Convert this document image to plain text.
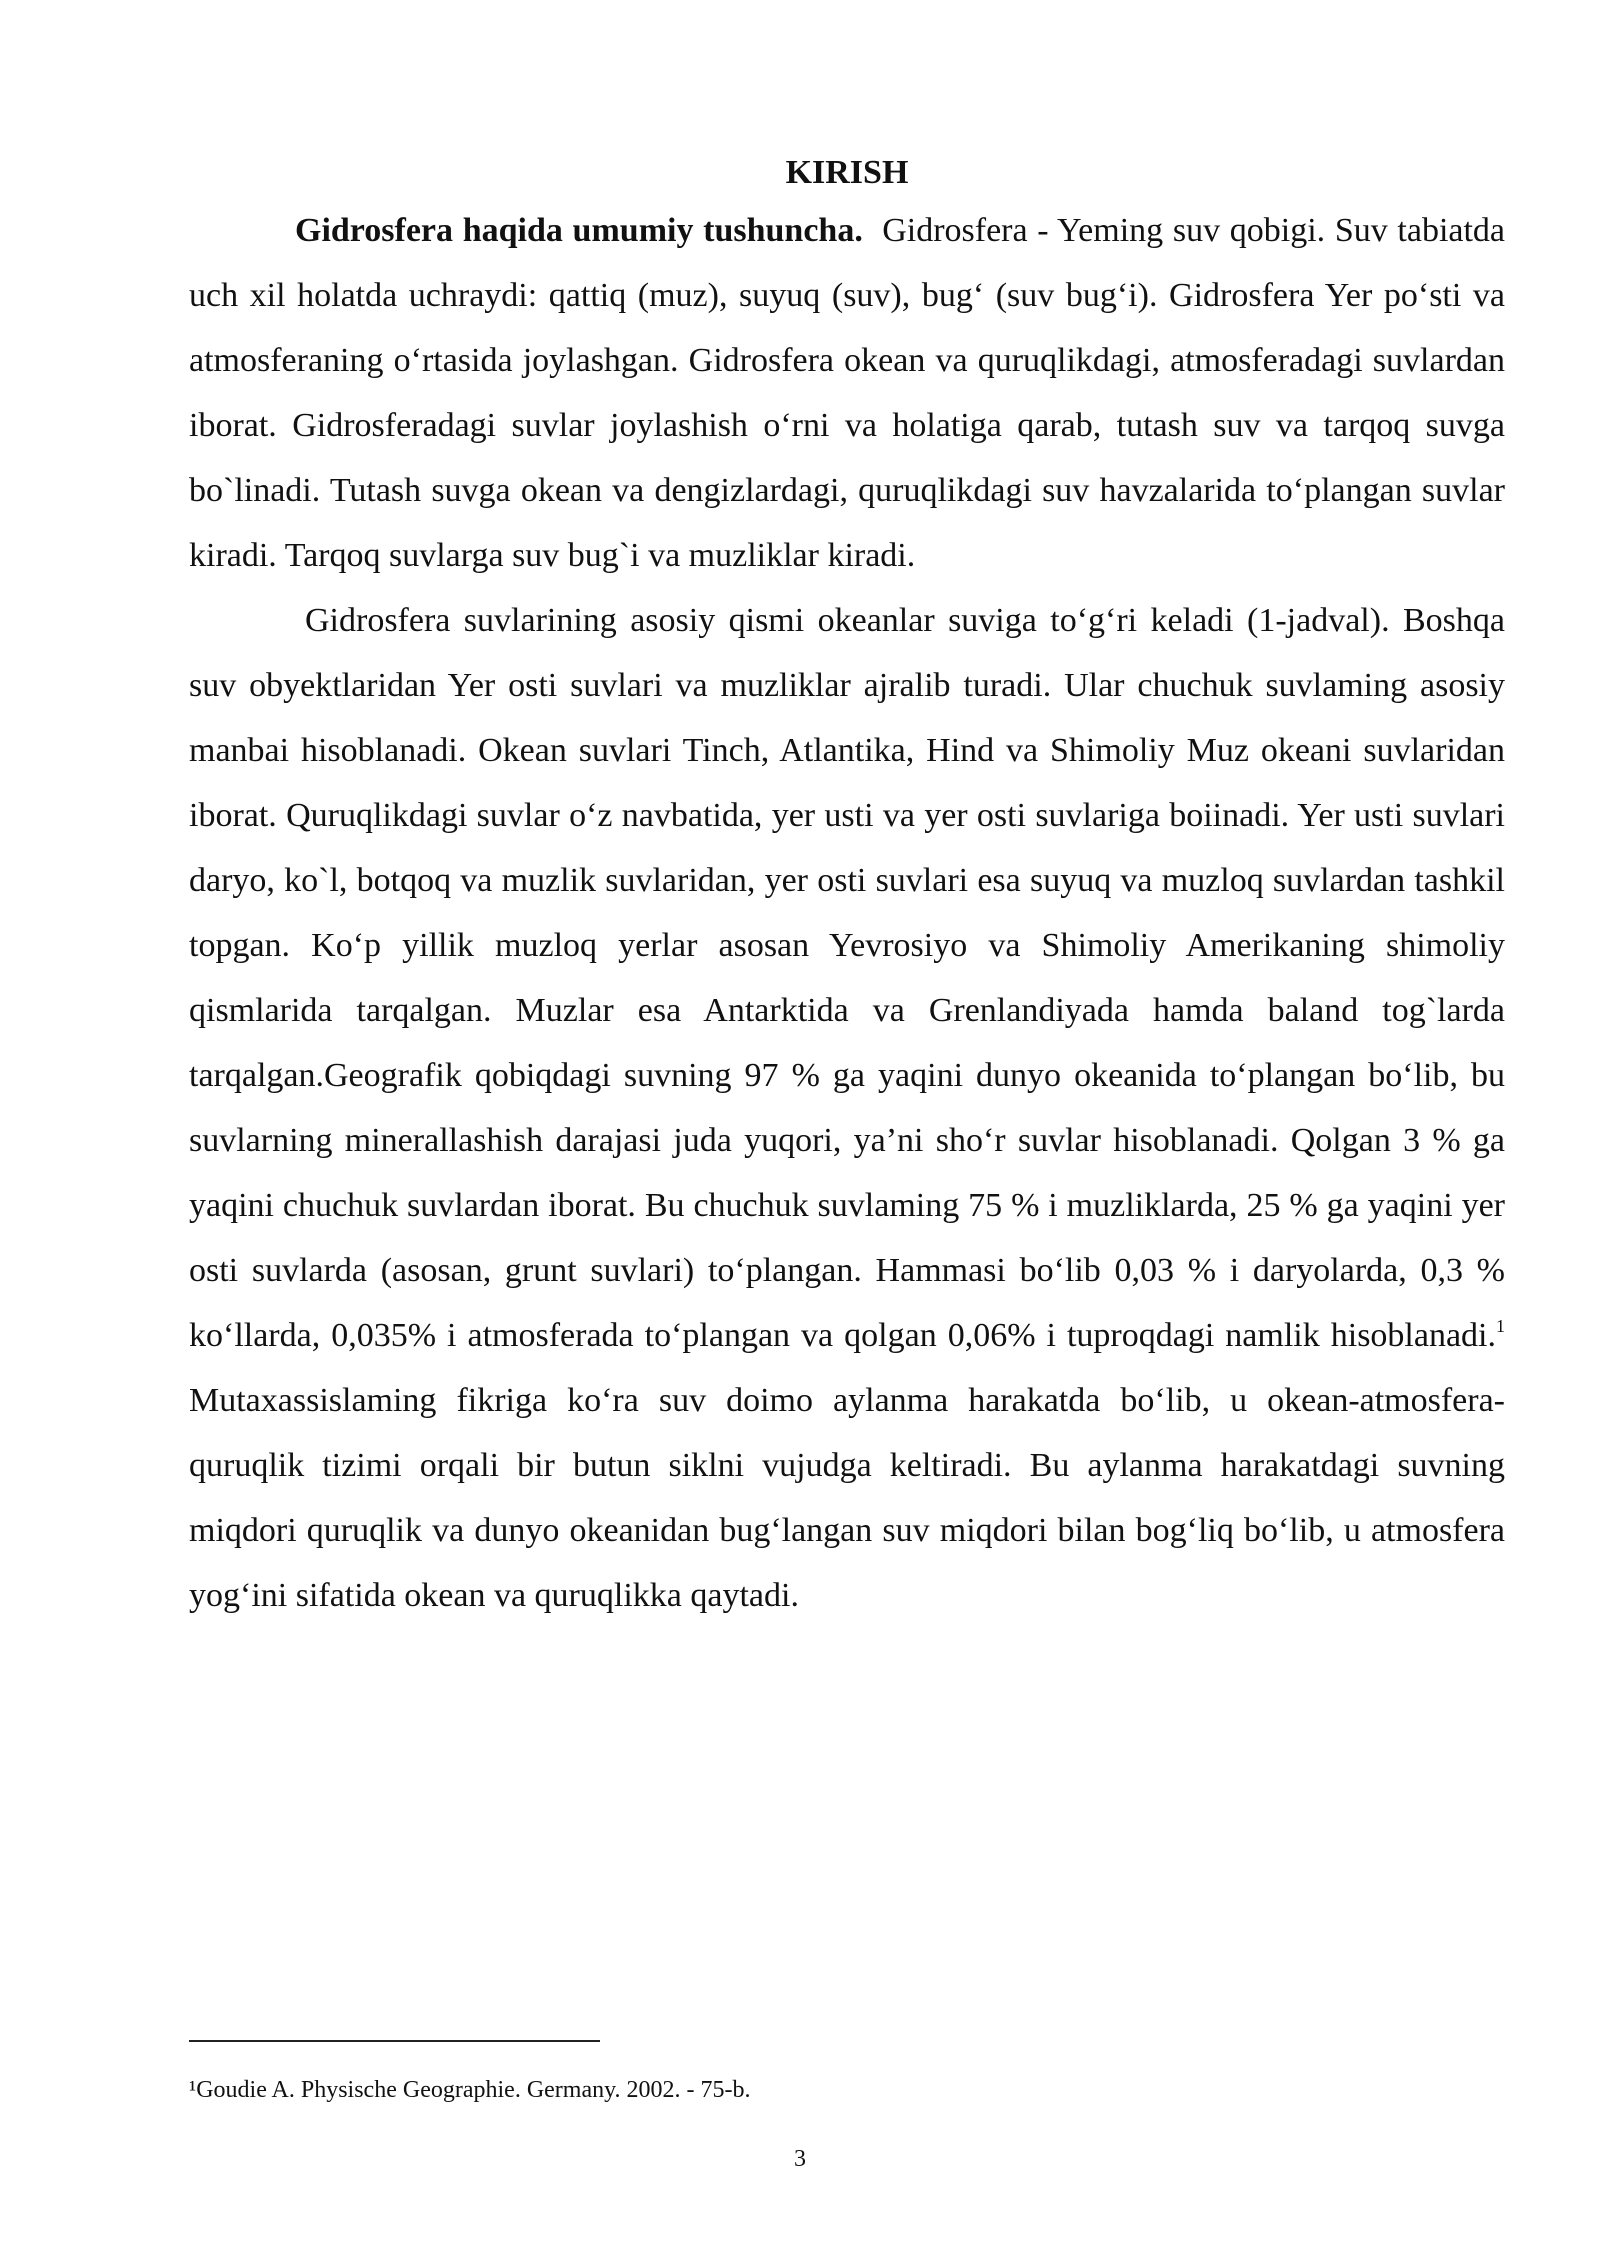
KIRISH

Gidrosfera haqida umumiy tushuncha. Gidrosfera - Yeming suv qobigi. Suv tabiatda uch xil holatda uchraydi: qattiq (muz), suyuq (suv), bug‘ (suv bug‘i). Gidrosfera Yer po‘sti va atmosferaning o‘rtasida joylashgan. Gidrosfera okean va quruqlikdagi, atmosferadagi suvlardan iborat. Gidrosferadagi suvlar joylashish o‘rni va holatiga qarab, tutash suv va tarqoq suvga bo`linadi. Tutash suvga okean va dengizlardagi, quruqlikdagi suv havzalarida to‘plangan suvlar kiradi. Tarqoq suvlarga suv bug`i va muzliklar kiradi.

Gidrosfera suvlarining asosiy qismi okeanlar suviga to‘g‘ri keladi (1-jadval). Boshqa suv obyektlaridan Yer osti suvlari va muzliklar ajralib turadi. Ular chuchuk suvlaming asosiy manbai hisoblanadi. Okean suvlari Tinch, Atlantika, Hind va Shimoliy Muz okeani suvlaridan iborat. Quruqlikdagi suvlar o‘z navbatida, yer usti va yer osti suvlariga boiinadi. Yer usti suvlari daryo, ko`l, botqoq va muzlik suvlaridan, yer osti suvlari esa suyuq va muzloq suvlardan tashkil topgan. Ko‘p yillik muzloq yerlar asosan Yevrosiyo va Shimoliy Amerikaning shimoliy qismlarida tarqalgan. Muzlar esa Antarktida va Grenlandiyada hamda baland tog`larda tarqalgan.Geografik qobiqdagi suvning 97 % ga yaqini dunyo okeanida to‘plangan bo‘lib, bu suvlarning minerallashish darajasi juda yuqori, ya’ni sho‘r suvlar hisoblanadi. Qolgan 3 % ga yaqini chuchuk suvlardan iborat. Bu chuchuk suvlaming 75 % i muzliklarda, 25 % ga yaqini yer osti suvlarda (asosan, grunt suvlari) to‘plangan. Hammasi bo‘lib 0,03 % i daryolarda, 0,3 % ko‘llarda, 0,035% i atmosferada to‘plangan va qolgan 0,06% i tuproqdagi namlik hisoblanadi.$^1$ Mutaxassislaming fikriga ko‘ra suv doimo aylanma harakatda bo‘lib, u okean-atmosfera-quruqlik tizimi orqali bir butun siklni vujudga keltiradi. Bu aylanma harakatdagi suvning miqdori quruqlik va dunyo okeanidan bug‘langan suv miqdori bilan bog‘liq bo‘lib, u atmosfera yog‘ini sifatida okean va quruqlikka qaytadi.

¹Goudie A. Physische Geographie. Germany. 2002. - 75-b.
3
